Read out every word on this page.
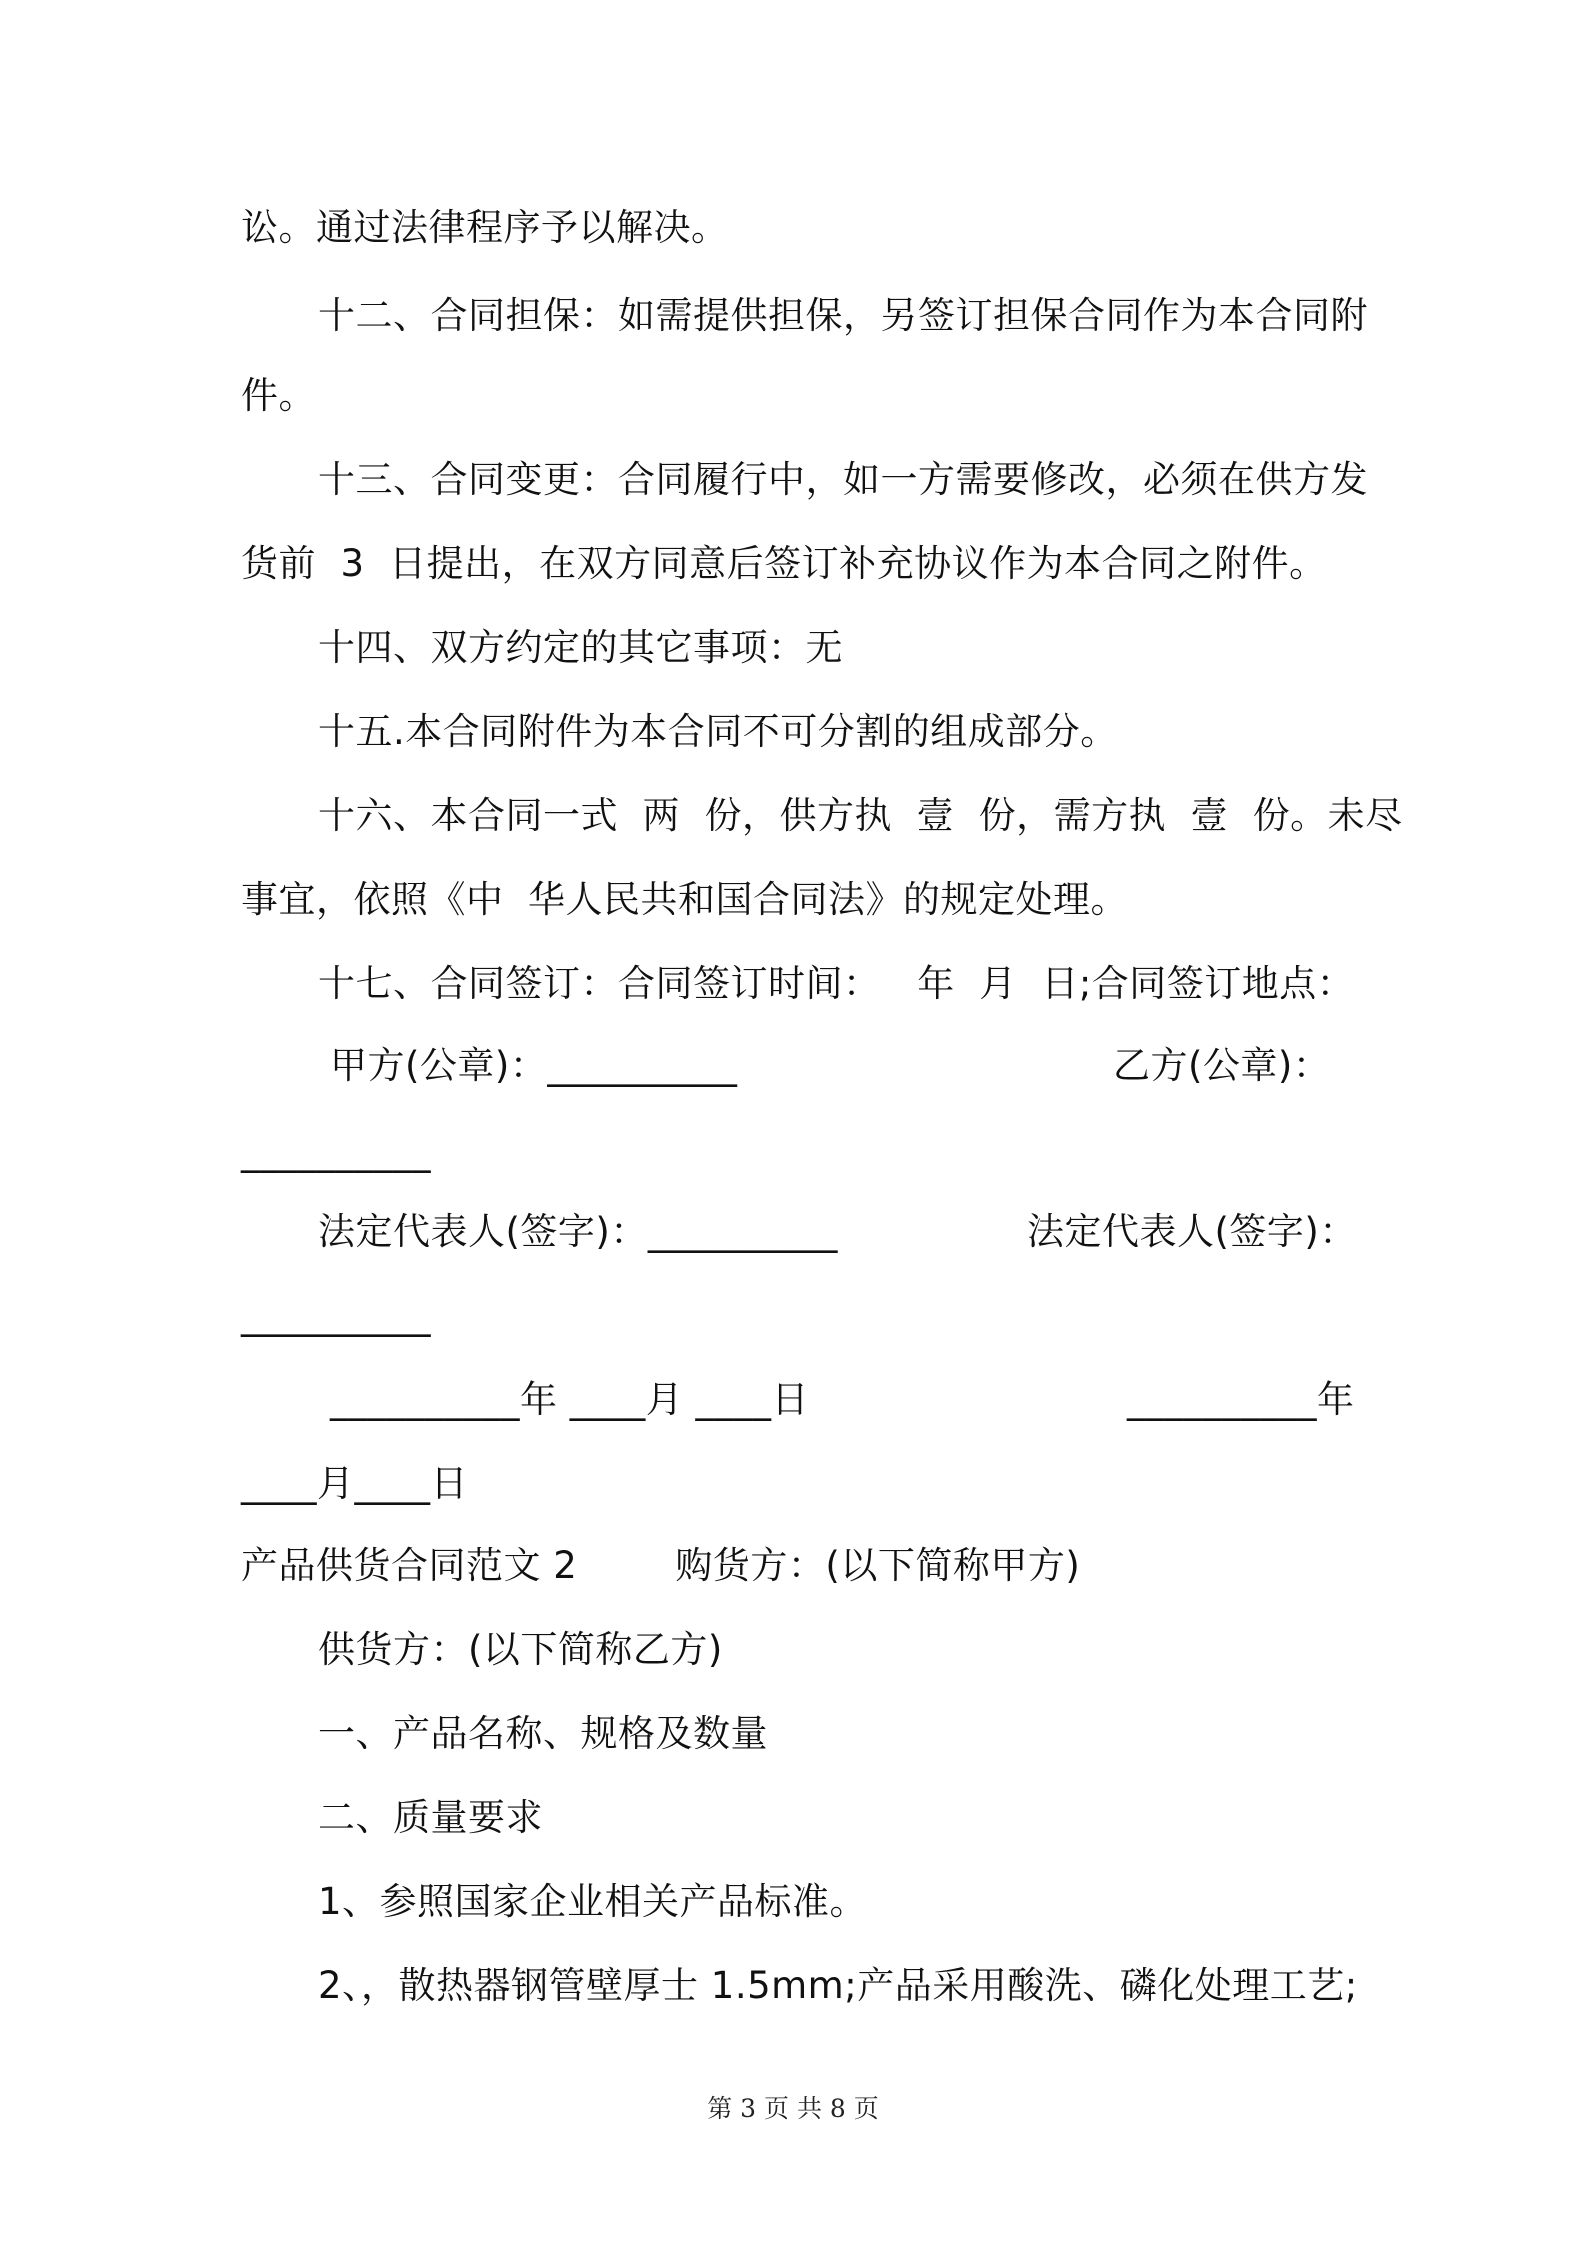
讼。通过法律程序予以解决。
十二、合同担保：如需提供担保，另签订担保合同作为本合同附
件。
十三、合同变更：合同履行中，如一方需要修改，必须在供方发
货前  3  日提出，在双方同意后签订补充协议作为本合同之附件。
十四、双方约定的其它事项：无
十五.本合同附件为本合同不可分割的组成部分。
十六、本合同一式  两  份，供方执  壹  份，需方执  壹  份。未尽
事宜，依照《中  华人民共和国合同法》的规定处理。
十七、合同签订：合同签订时间：   年  月  日;合同签订地点：
甲方(公章)：__________	乙方(公章)：
__________
法定代表人(签字)：__________	法定代表人(签字)：
__________
__________年 ____月 ____日	__________年
____月____日
产品供货合同范文 2        购货方：(以下简称甲方)
供货方：(以下简称乙方)
一、产品名称、规格及数量
二、质量要求
1、参照国家企业相关产品标准。
2、，散热器钢管壁厚士 1.5mm;产品采用酸洗、磷化处理工艺;
第 3 页 共 8 页
